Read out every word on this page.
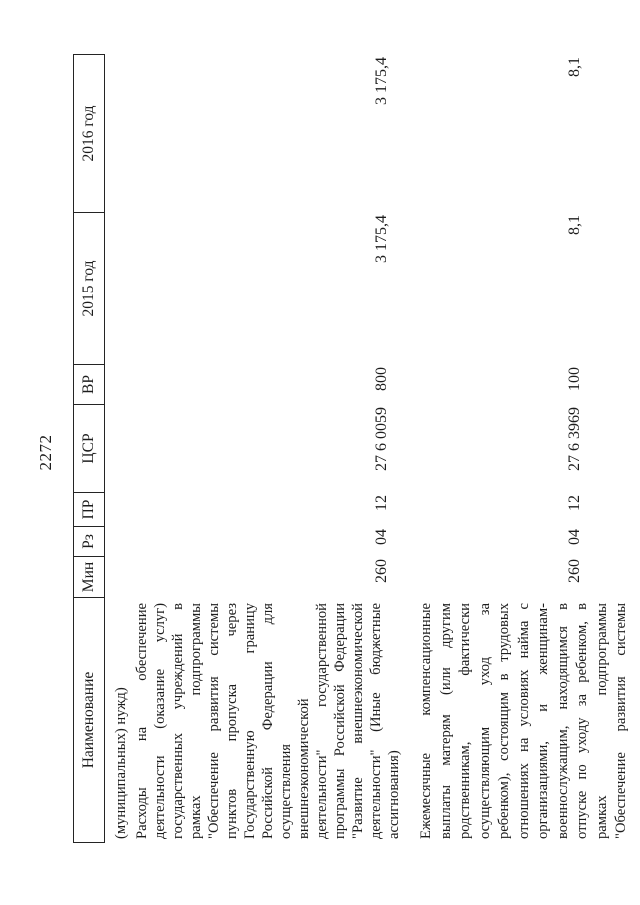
2272
Наименование
Мин
Рз
ПР
ЦСР
ВР
2015 год
2016 год
(муниципальных) нужд) Расходы на обеспечение деятельности (оказание услуг) государственных учреждений в рамках подпрограммы "Обеспечение развития системы пунктов пропуска через Государственную границу Российской Федерации для осуществления внешнеэкономической деятельности" государственной программы Российской Федерации "Развитие внешнеэкономической деятельности" (Иные бюджетные ассигнования)
260
04
12
27 6 0059
800
3 175,4
3 175,4
Ежемесячные компенсационные выплаты матерям (или другим родственникам, фактически осуществляющим уход за ребенком), состоящим в трудовых отношениях на условиях найма с организациями, и женщинам- военнослужащим, находящимся в отпуске по уходу за ребенком, в рамках подпрограммы "Обеспечение развития системы
260
04
12
27 6 3969
100
8,1
8,1
